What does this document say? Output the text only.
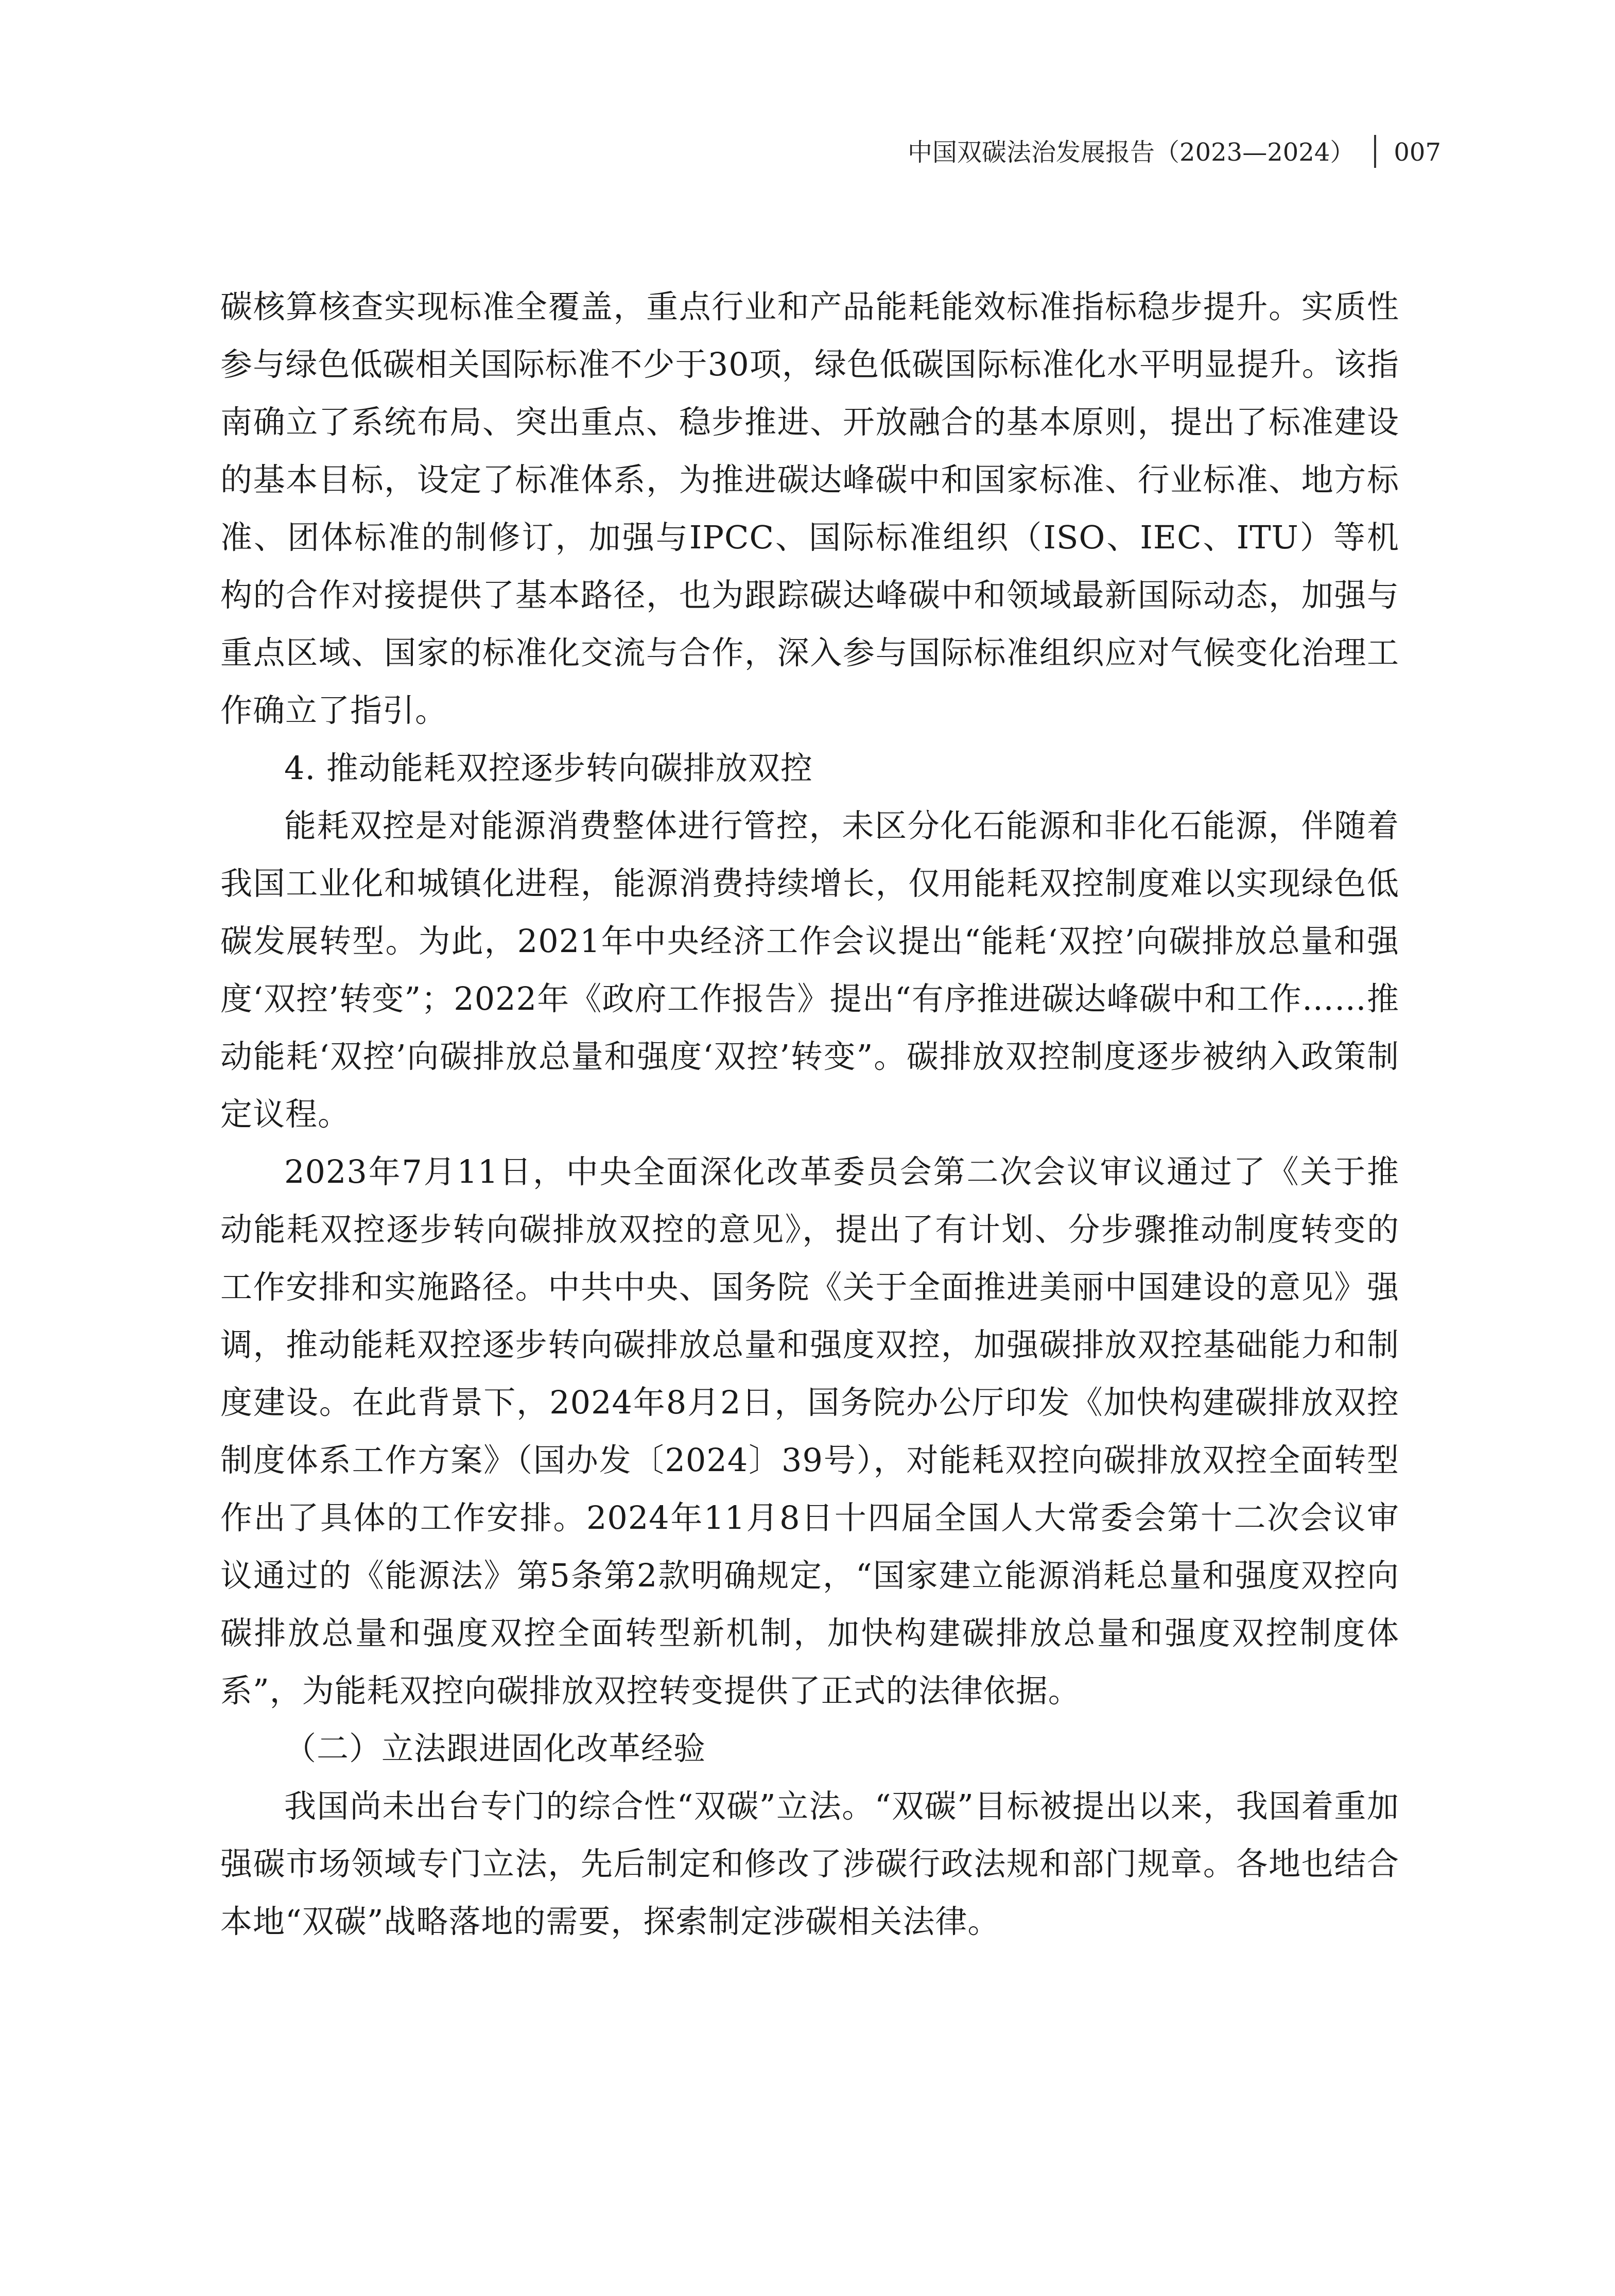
中国双碳法治发展报告（2023—2024） 007

碳核算核查实现标准全覆盖，重点行业和产品能耗能效标准指标稳步提升。实质性参与绿色低碳相关国际标准不少于30项，绿色低碳国际标准化水平明显提升。该指南确立了系统布局、突出重点、稳步推进、开放融合的基本原则，提出了标准建设的基本目标，设定了标准体系，为推进碳达峰碳中和国家标准、行业标准、地方标准、团体标准的制修订，加强与IPCC、国际标准组织（ISO、IEC、ITU）等机构的合作对接提供了基本路径，也为跟踪碳达峰碳中和领域最新国际动态，加强与重点区域、国家的标准化交流与合作，深入参与国际标准组织应对气候变化治理工作确立了指引。

4. 推动能耗双控逐步转向碳排放双控

能耗双控是对能源消费整体进行管控，未区分化石能源和非化石能源，伴随着我国工业化和城镇化进程，能源消费持续增长，仅用能耗双控制度难以实现绿色低碳发展转型。为此，2021年中央经济工作会议提出“能耗‘双控’向碳排放总量和强度‘双控’转变”；2022年《政府工作报告》提出“有序推进碳达峰碳中和工作……推动能耗‘双控’向碳排放总量和强度‘双控’转变”。碳排放双控制度逐步被纳入政策制定议程。

2023年7月11日，中央全面深化改革委员会第二次会议审议通过了《关于推动能耗双控逐步转向碳排放双控的意见》，提出了有计划、分步骤推动制度转变的工作安排和实施路径。中共中央、国务院《关于全面推进美丽中国建设的意见》强调，推动能耗双控逐步转向碳排放总量和强度双控，加强碳排放双控基础能力和制度建设。在此背景下，2024年8月2日，国务院办公厅印发《加快构建碳排放双控制度体系工作方案》（国办发〔2024〕39号），对能耗双控向碳排放双控全面转型作出了具体的工作安排。2024年11月8日十四届全国人大常委会第十二次会议审议通过的《能源法》第5条第2款明确规定，“国家建立能源消耗总量和强度双控向碳排放总量和强度双控全面转型新机制，加快构建碳排放总量和强度双控制度体系”，为能耗双控向碳排放双控转变提供了正式的法律依据。

（二）立法跟进固化改革经验

我国尚未出台专门的综合性“双碳”立法。“双碳”目标被提出以来，我国着重加强碳市场领域专门立法，先后制定和修改了涉碳行政法规和部门规章。各地也结合本地“双碳”战略落地的需要，探索制定涉碳相关法律。
